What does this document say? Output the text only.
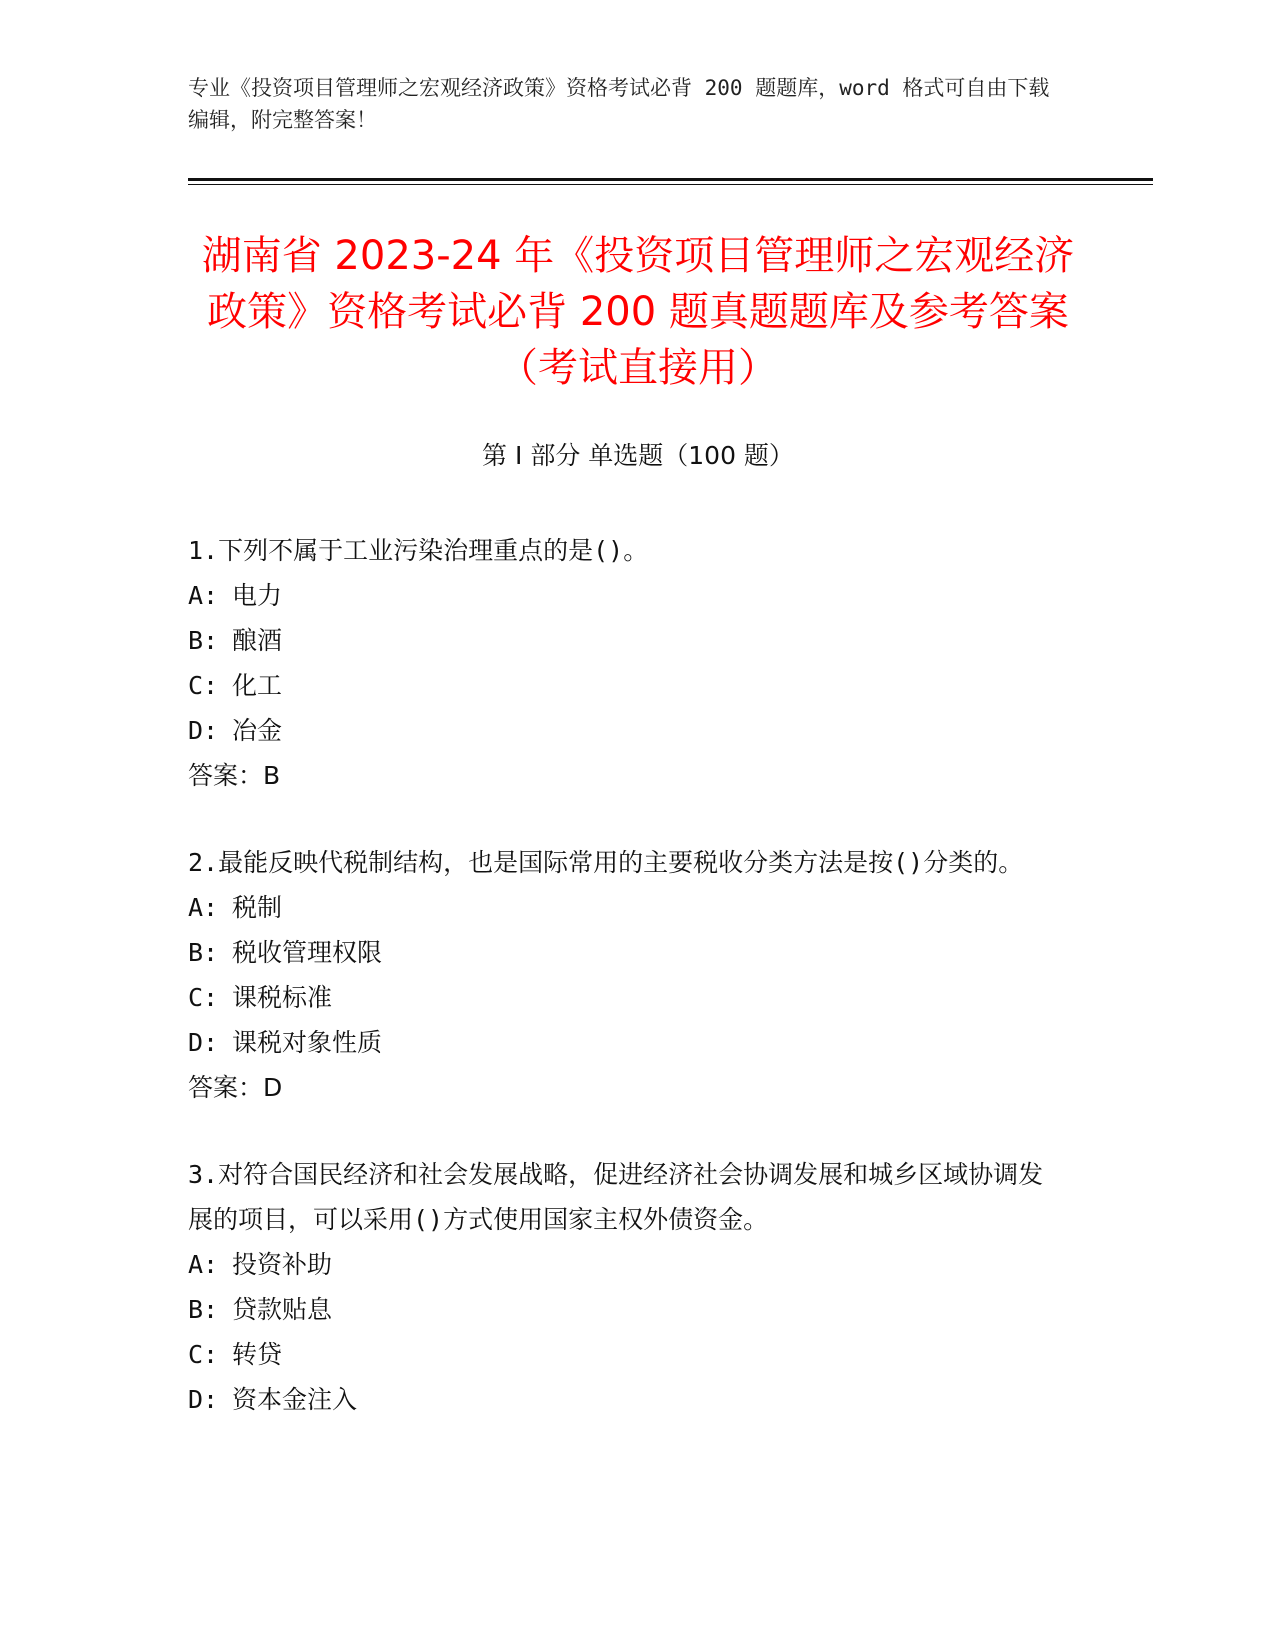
专业《投资项目管理师之宏观经济政策》资格考试必背 200 题题库，word 格式可自由下载编辑，附完整答案！
湖南省 2023-24 年《投资项目管理师之宏观经济政策》资格考试必背 200 题真题题库及参考答案（考试直接用）
第 I 部分 单选题（100 题）
1.下列不属于工业污染治理重点的是()。
A: 电力
B: 酿酒
C: 化工
D: 冶金
答案：B
2.最能反映代税制结构，也是国际常用的主要税收分类方法是按()分类的。
A: 税制
B: 税收管理权限
C: 课税标准
D: 课税对象性质
答案：D
3.对符合国民经济和社会发展战略，促进经济社会协调发展和城乡区域协调发展的项目，可以采用()方式使用国家主权外债资金。
A: 投资补助
B: 贷款贴息
C: 转贷
D: 资本金注入
